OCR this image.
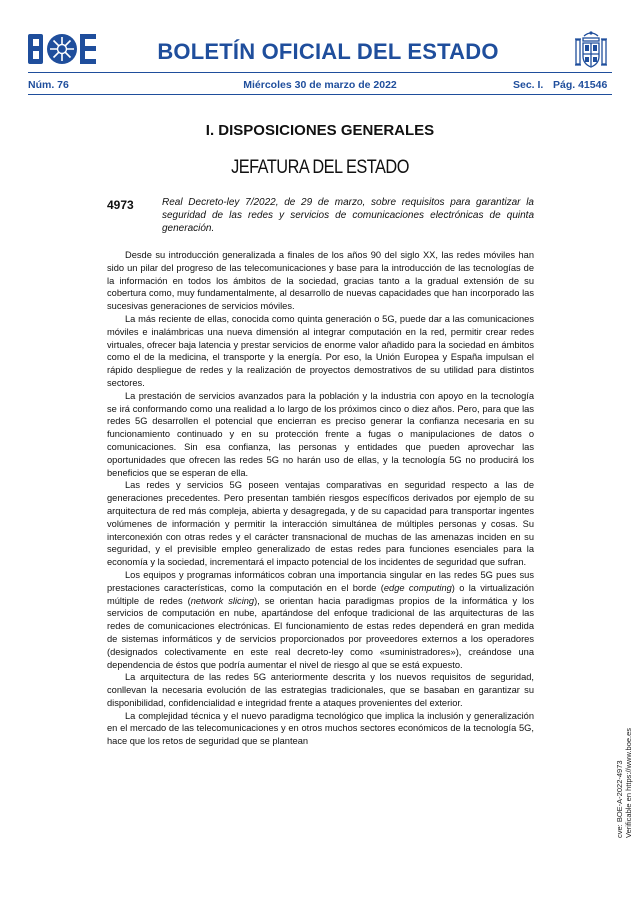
BOLETÍN OFICIAL DEL ESTADO
Núm. 76	Miércoles 30 de marzo de 2022	Sec. I. Pág. 41546
I. DISPOSICIONES GENERALES
JEFATURA DEL ESTADO
4973	Real Decreto-ley 7/2022, de 29 de marzo, sobre requisitos para garantizar la seguridad de las redes y servicios de comunicaciones electrónicas de quinta generación.

Desde su introducción generalizada a finales de los años 90 del siglo XX, las redes móviles han sido un pilar del progreso de las telecomunicaciones y base para la introducción de las tecnologías de la información en todos los ámbitos de la sociedad, gracias tanto a la gradual extensión de su cobertura como, muy fundamentalmente, al desarrollo de nuevas capacidades que han incorporado las sucesivas generaciones de servicios móviles.

La más reciente de ellas, conocida como quinta generación o 5G, puede dar a las comunicaciones móviles e inalámbricas una nueva dimensión al integrar computación en la red, permitir crear redes virtuales, ofrecer baja latencia y prestar servicios de enorme valor añadido para la sociedad en ámbitos como el de la medicina, el transporte y la energía. Por eso, la Unión Europea y España impulsan el rápido despliegue de redes y la realización de proyectos demostrativos de su utilidad para distintos sectores.

La prestación de servicios avanzados para la población y la industria con apoyo en la tecnología se irá conformando como una realidad a lo largo de los próximos cinco o diez años. Pero, para que las redes 5G desarrollen el potencial que encierran es preciso generar la confianza necesaria en su funcionamiento continuado y en su protección frente a fugas o manipulaciones de datos o comunicaciones. Sin esa confianza, las personas y entidades que pueden aprovechar las oportunidades que ofrecen las redes 5G no harán uso de ellas, y la tecnología 5G no producirá los beneficios que se esperan de ella.

Las redes y servicios 5G poseen ventajas comparativas en seguridad respecto a las de generaciones precedentes. Pero presentan también riesgos específicos derivados por ejemplo de su arquitectura de red más compleja, abierta y desagregada, y de su capacidad para transportar ingentes volúmenes de información y permitir la interacción simultánea de múltiples personas y cosas. Su interconexión con otras redes y el carácter transnacional de muchas de las amenazas inciden en su seguridad, y el previsible empleo generalizado de estas redes para funciones esenciales para la economía y la sociedad, incrementará el impacto potencial de los incidentes de seguridad que sufran.

Los equipos y programas informáticos cobran una importancia singular en las redes 5G pues sus prestaciones características, como la computación en el borde (edge computing) o la virtualización múltiple de redes (network slicing), se orientan hacia paradigmas propios de la informática y los servicios de computación en nube, apartándose del enfoque tradicional de las arquitecturas de las redes de comunicaciones electrónicas. El funcionamiento de estas redes dependerá en gran medida de sistemas informáticos y de servicios proporcionados por proveedores externos a los operadores (designados colectivamente en este real decreto-ley como «suministradores»), creándose una dependencia de éstos que podría aumentar el nivel de riesgo al que se está expuesto.

La arquitectura de las redes 5G anteriormente descrita y los nuevos requisitos de seguridad, conllevan la necesaria evolución de las estrategias tradicionales, que se basaban en garantizar su disponibilidad, confidencialidad e integridad frente a ataques provenientes del exterior.

La complejidad técnica y el nuevo paradigma tecnológico que implica la inclusión y generalización en el mercado de las telecomunicaciones y en otros muchos sectores económicos de la tecnología 5G, hace que los retos de seguridad que se plantean

cve: BOE-A-2022-4973 Verificable en https://www.boe.es
